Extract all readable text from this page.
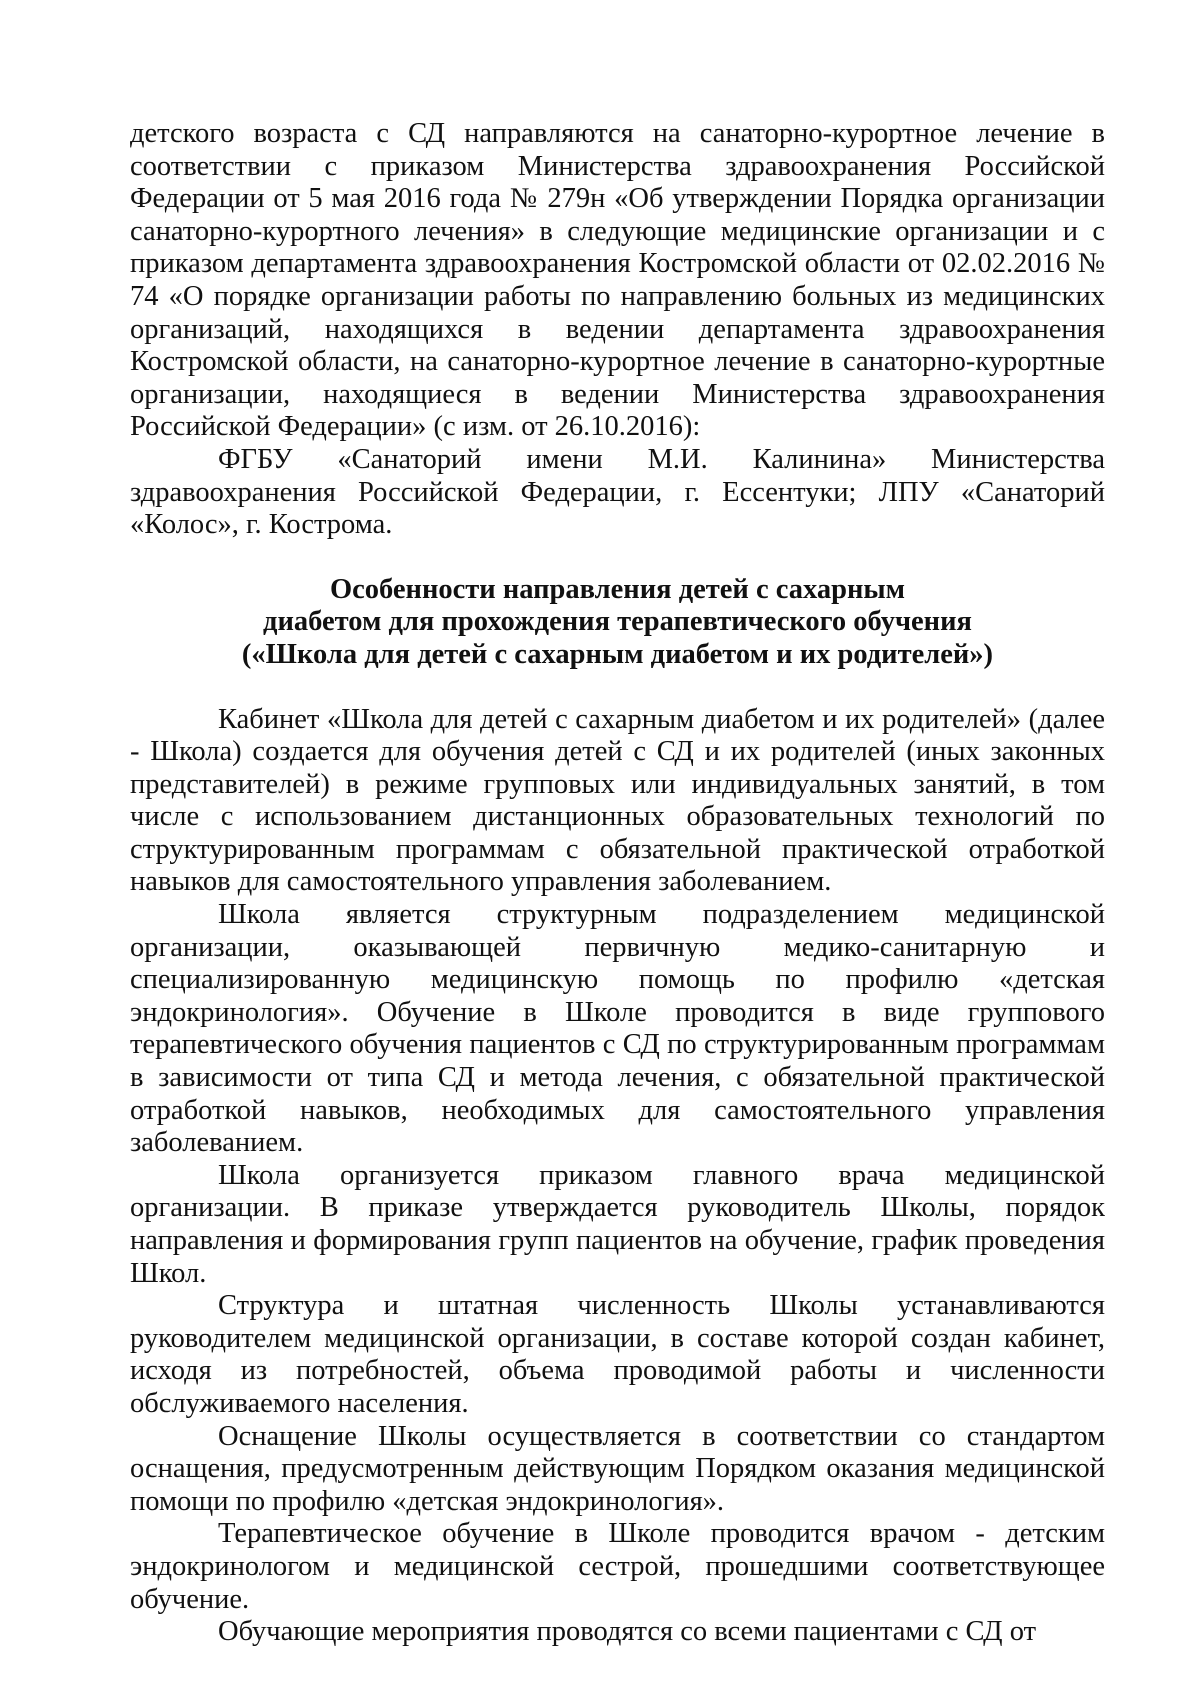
детского возраста с СД направляются на санаторно-курортное лечение в соответствии с приказом Министерства здравоохранения Российской Федерации от 5 мая 2016 года № 279н «Об утверждении Порядка организации санаторно-курортного лечения» в следующие медицинские организации и с приказом департамента здравоохранения Костромской области от 02.02.2016 № 74 «О порядке организации работы по направлению больных из медицинских организаций, находящихся в ведении департамента здравоохранения Костромской области, на санаторно-курортное лечение в санаторно-курортные организации, находящиеся в ведении Министерства здравоохранения Российской Федерации» (с изм. от 26.10.2016):

ФГБУ «Санаторий имени М.И. Калинина» Министерства здравоохранения Российской Федерации, г. Ессентуки; ЛПУ «Санаторий «Колос», г. Кострома.

Особенности направления детей с сахарным
диабетом для прохождения терапевтического обучения
(«Школа для детей с сахарным диабетом и их родителей»)

Кабинет «Школа для детей с сахарным диабетом и их родителей» (далее - Школа) создается для обучения детей с СД и их родителей (иных законных представителей) в режиме групповых или индивидуальных занятий, в том числе с использованием дистанционных образовательных технологий по структурированным программам с обязательной практической отработкой навыков для самостоятельного управления заболеванием.

Школа является структурным подразделением медицинской организации, оказывающей первичную медико-санитарную и специализированную медицинскую помощь по профилю «детская эндокринология». Обучение в Школе проводится в виде группового терапевтического обучения пациентов с СД по структурированным программам в зависимости от типа СД и метода лечения, с обязательной практической отработкой навыков, необходимых для самостоятельного управления заболеванием.

Школа организуется приказом главного врача медицинской организации. В приказе утверждается руководитель Школы, порядок направления и формирования групп пациентов на обучение, график проведения Школ.

Структура и штатная численность Школы устанавливаются руководителем медицинской организации, в составе которой создан кабинет, исходя из потребностей, объема проводимой работы и численности обслуживаемого населения.

Оснащение Школы осуществляется в соответствии со стандартом оснащения, предусмотренным действующим Порядком оказания медицинской помощи по профилю «детская эндокринология».

Терапевтическое обучение в Школе проводится врачом - детским эндокринологом и медицинской сестрой, прошедшими соответствующее обучение.

Обучающие мероприятия проводятся со всеми пациентами с СД от
